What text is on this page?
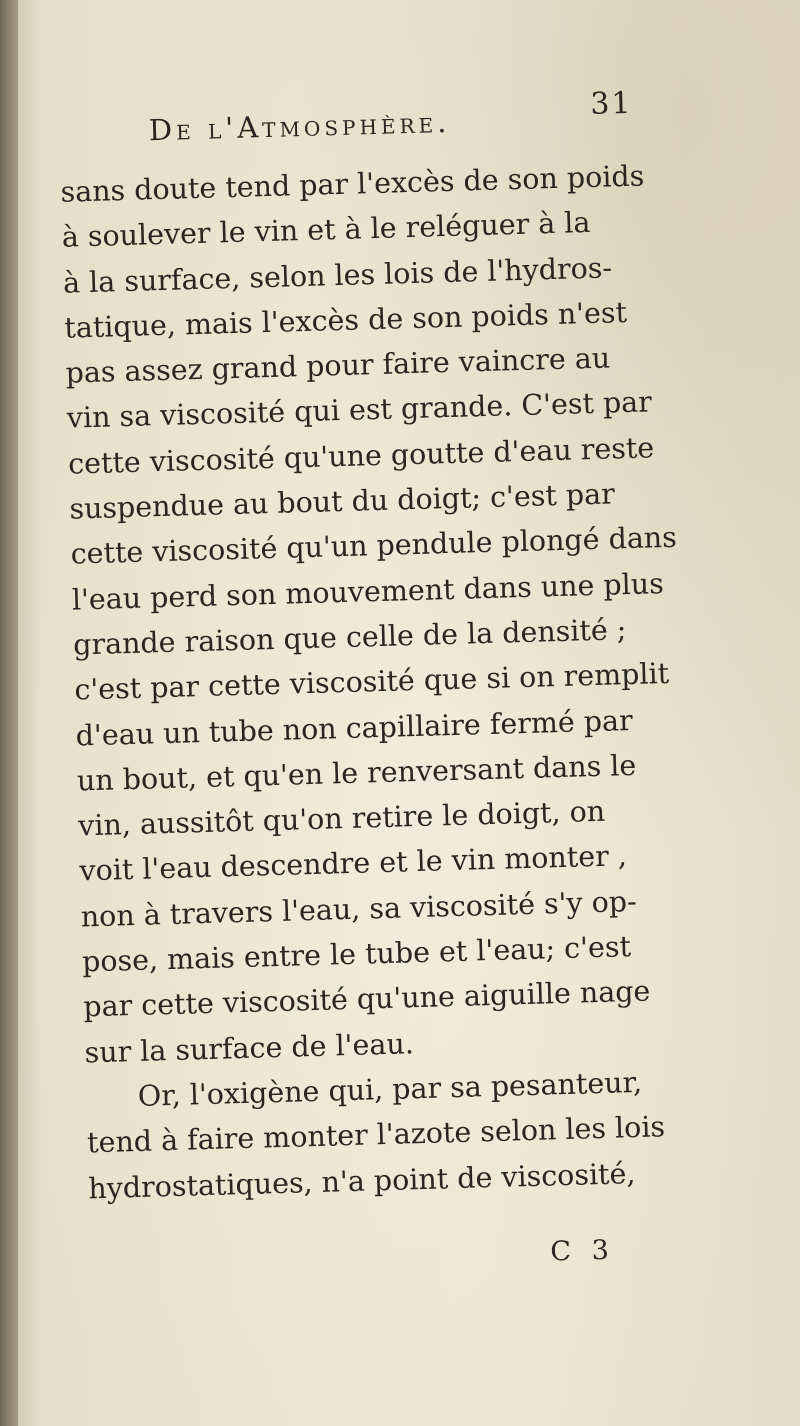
De l'Atmosphère.
31
sans doute tend par l'excès de son poids
à soulever le vin et à le reléguer à la
à la surface, selon les lois de l'hydros-
tatique, mais l'excès de son poids n'est
pas assez grand pour faire vaincre au
vin sa viscosité qui est grande. C'est par
cette viscosité qu'une goutte d'eau reste
suspendue au bout du doigt; c'est par
cette viscosité qu'un pendule plongé dans
l'eau perd son mouvement dans une plus
grande raison que celle de la densité ;
c'est par cette viscosité que si on remplit
d'eau un tube non capillaire fermé par
un bout, et qu'en le renversant dans le
vin, aussitôt qu'on retire le doigt, on
voit l'eau descendre et le vin monter ,
non à travers l'eau, sa viscosité s'y op-
pose, mais entre le tube et l'eau; c'est
par cette viscosité qu'une aiguille nage
sur la surface de l'eau.
Or, l'oxigène qui, par sa pesanteur,
tend à faire monter l'azote selon les lois
hydrostatiques, n'a point de viscosité,
C 3
